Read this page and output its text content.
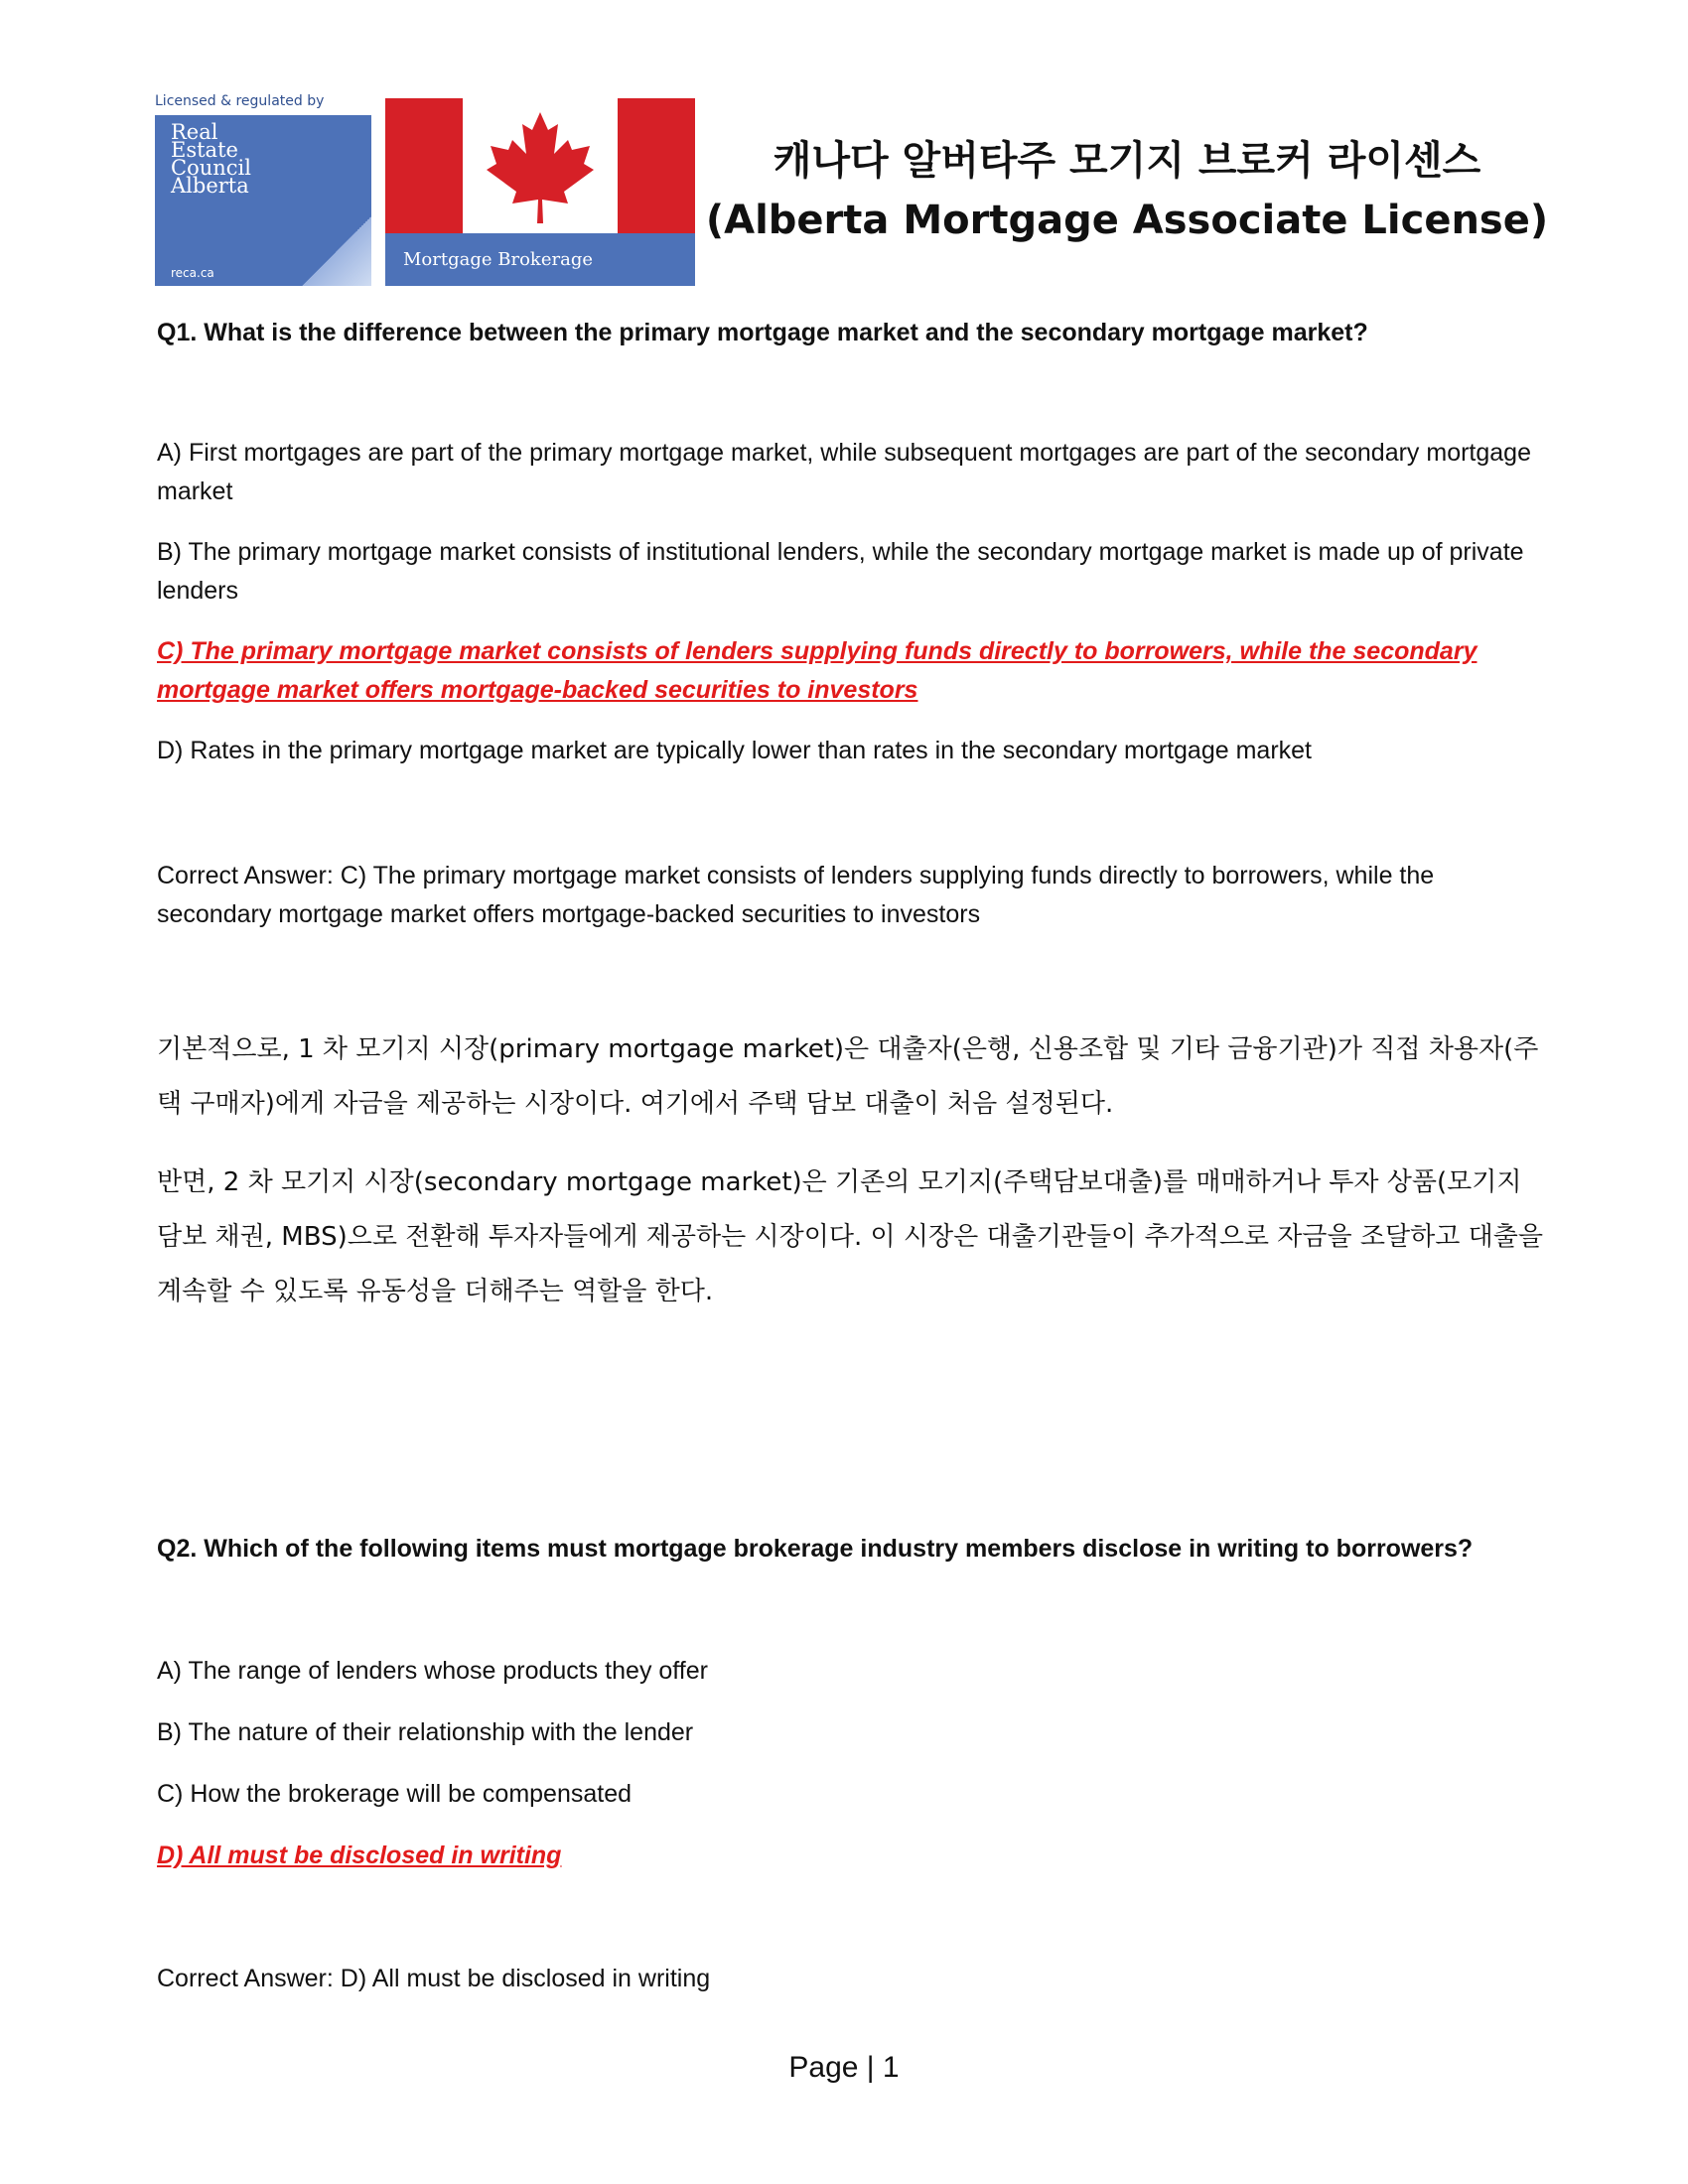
Licensed & regulated by
Real
Estate
Council
Alberta
reca.ca
Mortgage Brokerage
캐나다 알버타주 모기지 브로커 라이센스
(Alberta Mortgage Associate License)
Q1. What is the difference between the primary mortgage market and the secondary mortgage market?
A) First mortgages are part of the primary mortgage market, while subsequent mortgages are part of the secondary mortgage market
B) The primary mortgage market consists of institutional lenders, while the secondary mortgage market is made up of private lenders
C) The primary mortgage market consists of lenders supplying funds directly to borrowers, while the secondary mortgage market offers mortgage-backed securities to investors
D) Rates in the primary mortgage market are typically lower than rates in the secondary mortgage market
Correct Answer: C) The primary mortgage market consists of lenders supplying funds directly to borrowers, while the secondary mortgage market offers mortgage-backed securities to investors
기본적으로, 1 차 모기지 시장(primary mortgage market)은 대출자(은행, 신용조합 및 기타 금융기관)가 직접 차용자(주택 구매자)에게 자금을 제공하는 시장이다. 여기에서 주택 담보 대출이 처음 설정된다.
반면, 2 차 모기지 시장(secondary mortgage market)은 기존의 모기지(주택담보대출)를 매매하거나 투자 상품(모기지 담보 채권, MBS)으로 전환해 투자자들에게 제공하는 시장이다. 이 시장은 대출기관들이 추가적으로 자금을 조달하고 대출을 계속할 수 있도록 유동성을 더해주는 역할을 한다.
Q2. Which of the following items must mortgage brokerage industry members disclose in writing to borrowers?
A) The range of lenders whose products they offer
B) The nature of their relationship with the lender
C) How the brokerage will be compensated
D) All must be disclosed in writing
Correct Answer: D) All must be disclosed in writing
Page | 1
